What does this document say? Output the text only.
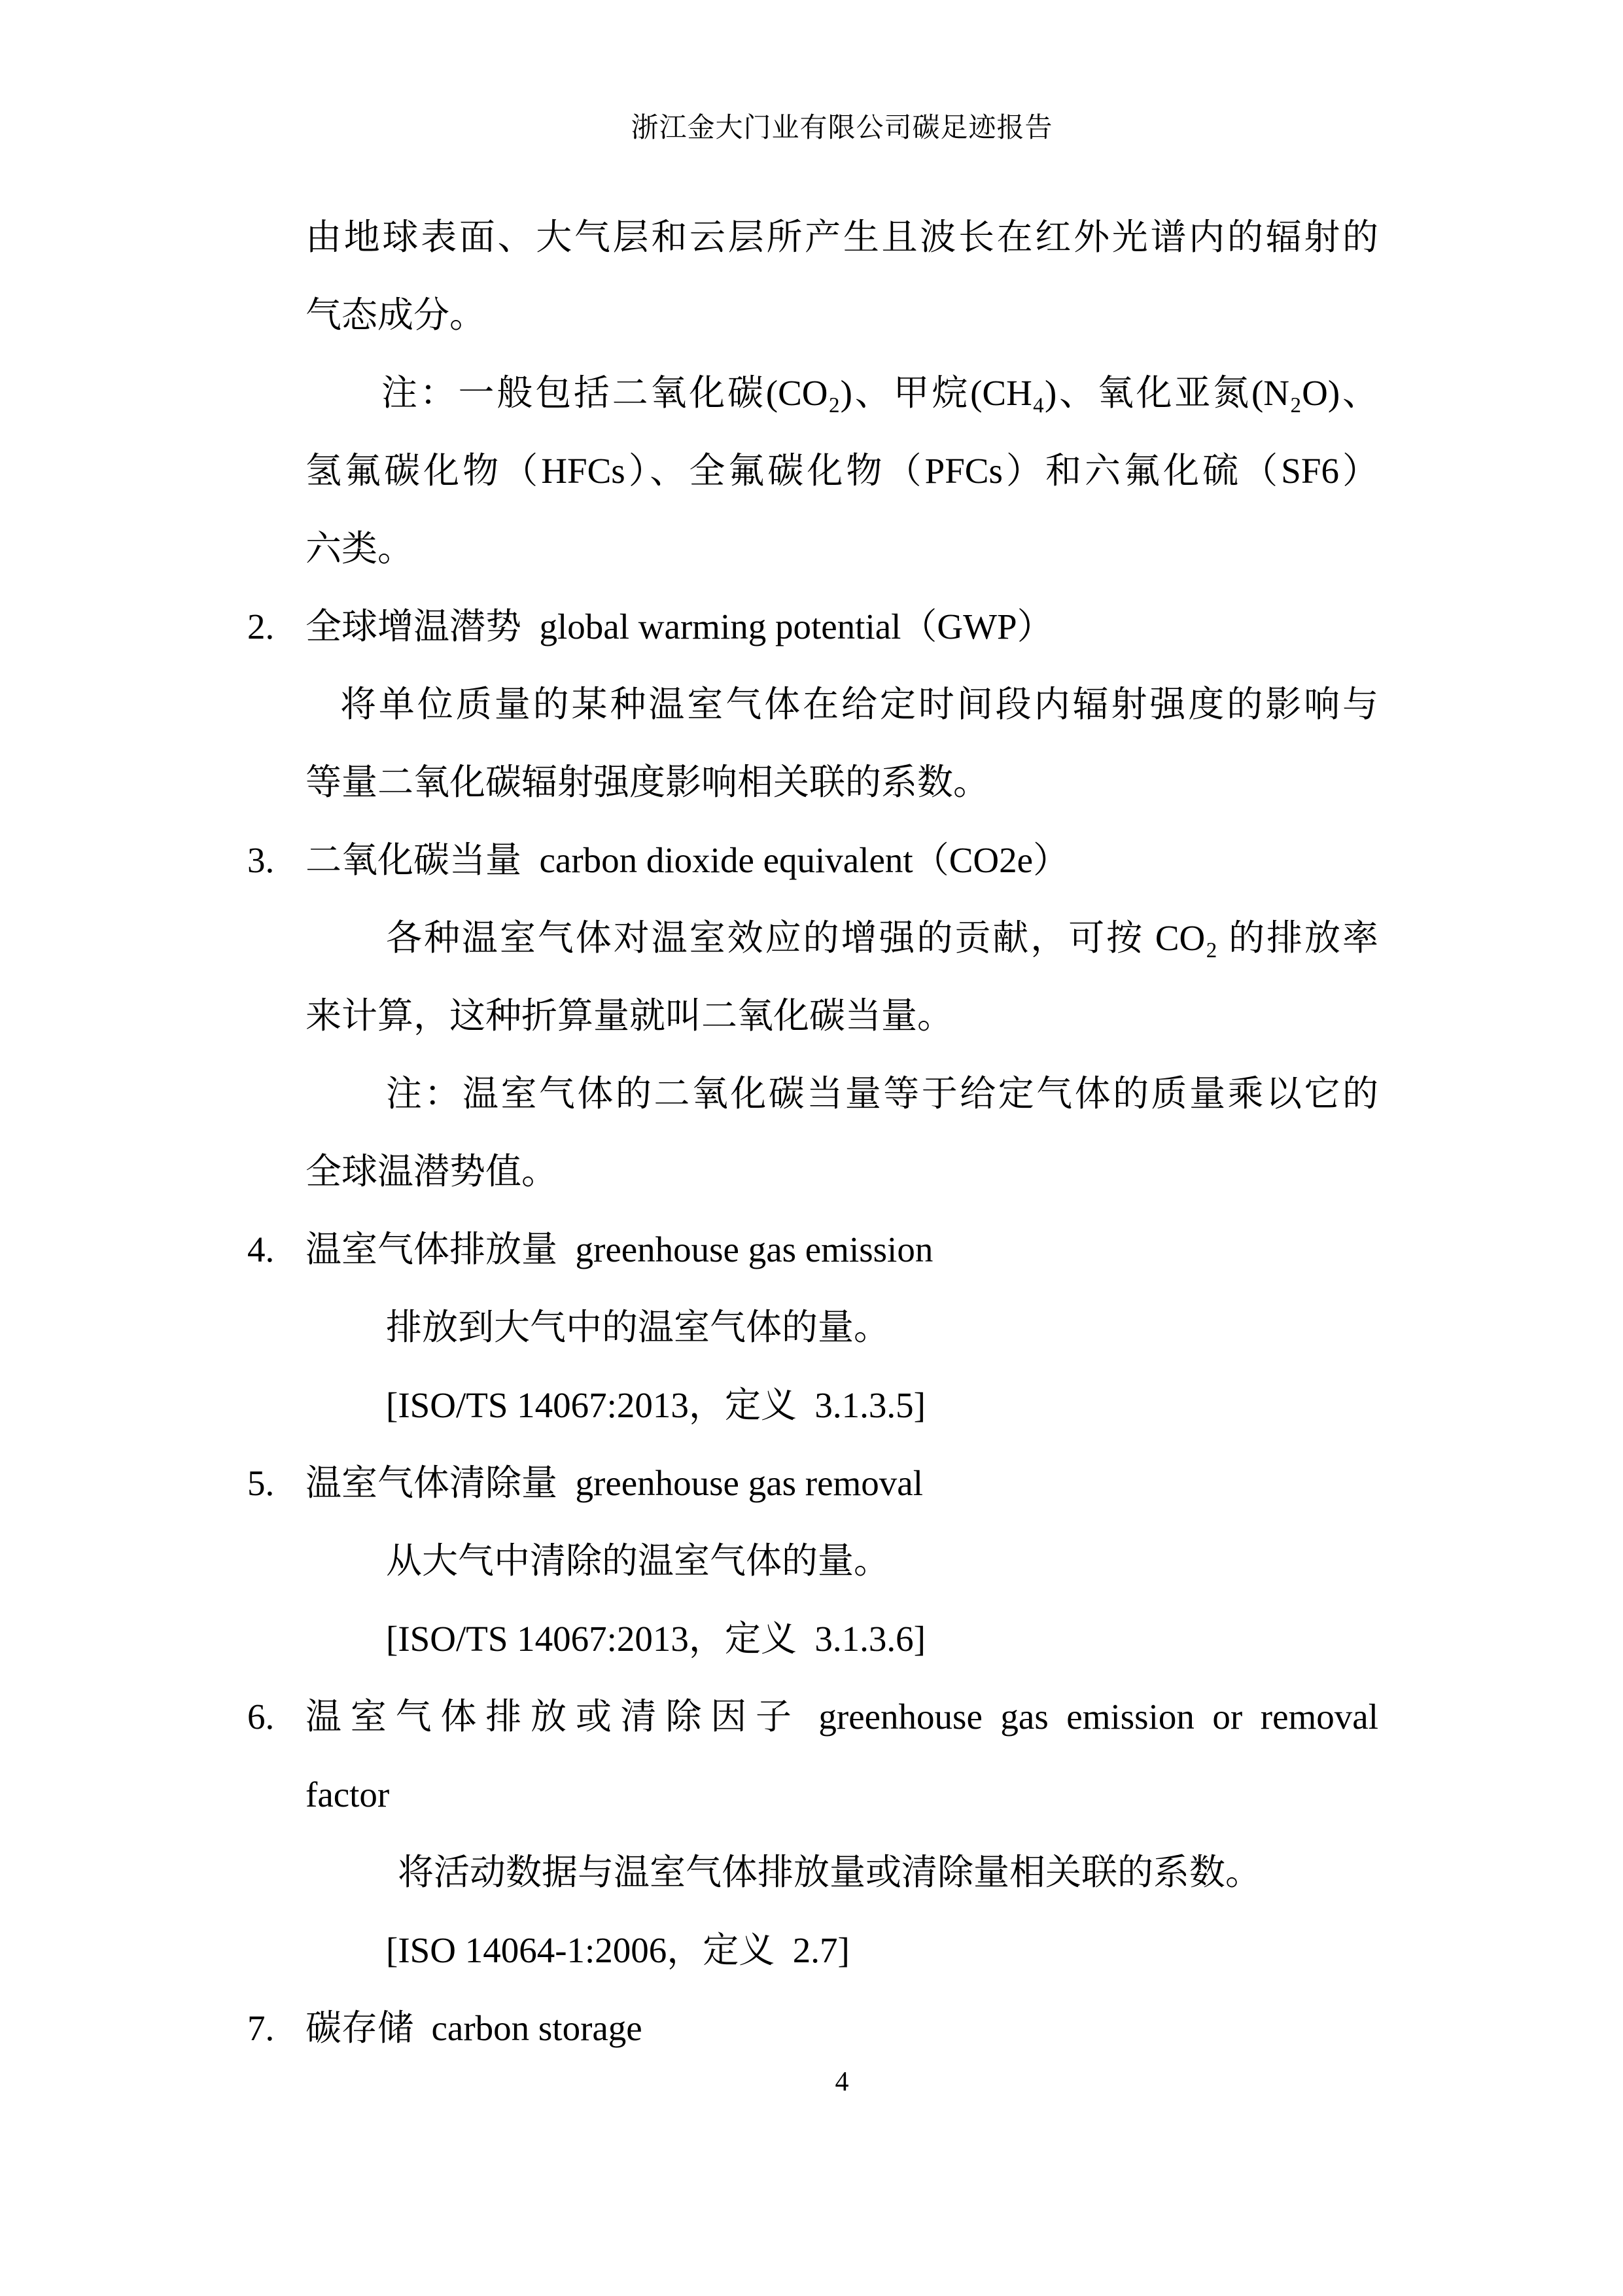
浙江金大门业有限公司碳足迹报告
由地球表面、大气层和云层所产生且波长在红外光谱内的辐射的
气态成分。
注：一般包括二氧化碳(CO₂)、甲烷(CH₄)、氧化亚氮(N₂O)、
氢氟碳化物（HFCs）、全氟碳化物（PFCs）和六氟化硫（SF6）
六类。
2. 全球增温潜势  global warming potential（GWP）
将单位质量的某种温室气体在给定时间段内辐射强度的影响与
等量二氧化碳辐射强度影响相关联的系数。
3. 二氧化碳当量  carbon dioxide equivalent（CO2e）
各种温室气体对温室效应的增强的贡献，可按 CO₂ 的排放率
来计算，这种折算量就叫二氧化碳当量。
注：温室气体的二氧化碳当量等于给定气体的质量乘以它的
全球温潜势值。
4. 温室气体排放量  greenhouse gas emission
排放到大气中的温室气体的量。
[ISO/TS 14067:2013，定义  3.1.3.5]
5. 温室气体清除量  greenhouse gas removal
从大气中清除的温室气体的量。
[ISO/TS 14067:2013，定义  3.1.3.6]
6. 温室气体排放或清除因子 greenhouse gas emission or removal
factor
将活动数据与温室气体排放量或清除量相关联的系数。
[ISO 14064-1:2006，定义  2.7]
7. 碳存储  carbon storage
4
